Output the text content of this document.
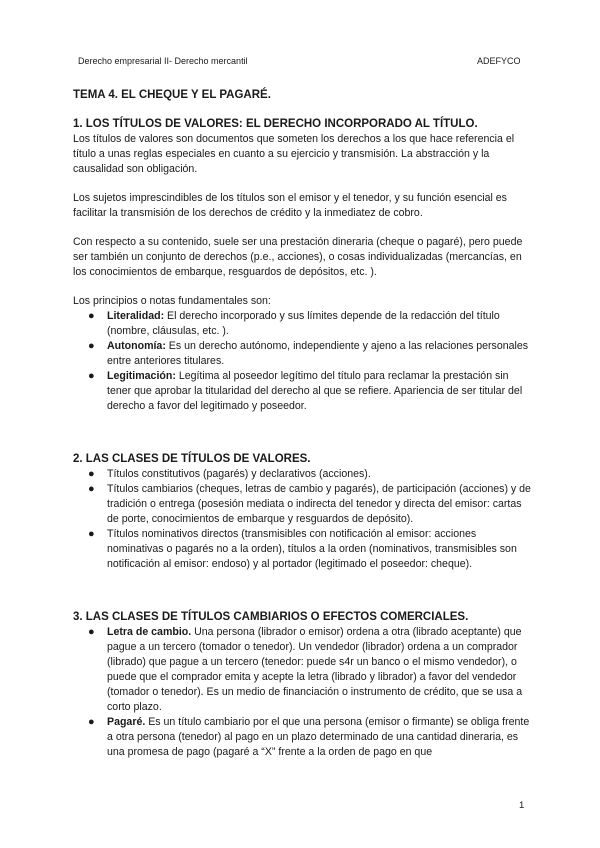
Derecho empresarial II- Derecho mercantil	ADEFYCO
TEMA 4. EL CHEQUE Y EL PAGARÉ.
1. LOS TÍTULOS DE VALORES: EL DERECHO INCORPORADO AL TÍTULO.

Los títulos de valores son documentos que someten los derechos a los que hace referencia el título a unas reglas especiales en cuanto a su ejercicio y transmisión. La abstracción y la causalidad son obligación.

Los sujetos imprescindibles de los títulos son el emisor y el tenedor, y su función esencial es facilitar la transmisión de los derechos de crédito y la inmediatez de cobro.

Con respecto a su contenido, suele ser una prestación dineraria (cheque o pagaré), pero puede ser también un conjunto de derechos (p.e., acciones), o cosas individualizadas (mercancías, en los conocimientos de embarque, resguardos de depósitos, etc. ).

Los principios o notas fundamentales son:

● Literalidad: El derecho incorporado y sus límites depende de la redacción del título (nombre, cláusulas, etc. ).
● Autonomía: Es un derecho autónomo, independiente y ajeno a las relaciones personales entre anteriores titulares.
● Legitimación: Legítima al poseedor legítimo del título para reclamar la prestación sin tener que aprobar la titularidad del derecho al que se refiere. Apariencia de ser titular del derecho a favor del legitimado y poseedor.
2. LAS CLASES DE TÍTULOS DE VALORES.
● Títulos constitutivos (pagarés) y declarativos (acciones).
● Títulos cambiarios (cheques, letras de cambio y pagarés), de participación (acciones) y de tradición o entrega (posesión mediata o indirecta del tenedor y directa del emisor: cartas de porte, conocimientos de embarque y resguardos de depósito).
● Títulos nominativos directos (transmisibles con notificación al emisor: acciones nominativas o pagarés no a la orden), títulos a la orden (nominativos, transmisibles son notificación al emisor: endoso) y al portador (legitimado el poseedor: cheque).
3. LAS CLASES DE TÍTULOS CAMBIARIOS O EFECTOS COMERCIALES.
● Letra de cambio. Una persona (librador o emisor) ordena a otra (librado aceptante) que pague a un tercero (tomador o tenedor). Un vendedor (librador) ordena a un comprador (librado) que pague a un tercero (tenedor: puede s4r un banco o el mismo vendedor), o puede que el comprador emita y acepte la letra (librado y librador) a favor del vendedor (tomador o tenedor). Es un medio de financiación o instrumento de crédito, que se usa a corto plazo.
● Pagaré. Es un título cambiario por el que una persona (emisor o firmante) se obliga frente a otra persona (tenedor) al pago en un plazo determinado de una cantidad dineraria, es una promesa de pago (pagaré a “X” frente a la orden de pago en que
1
